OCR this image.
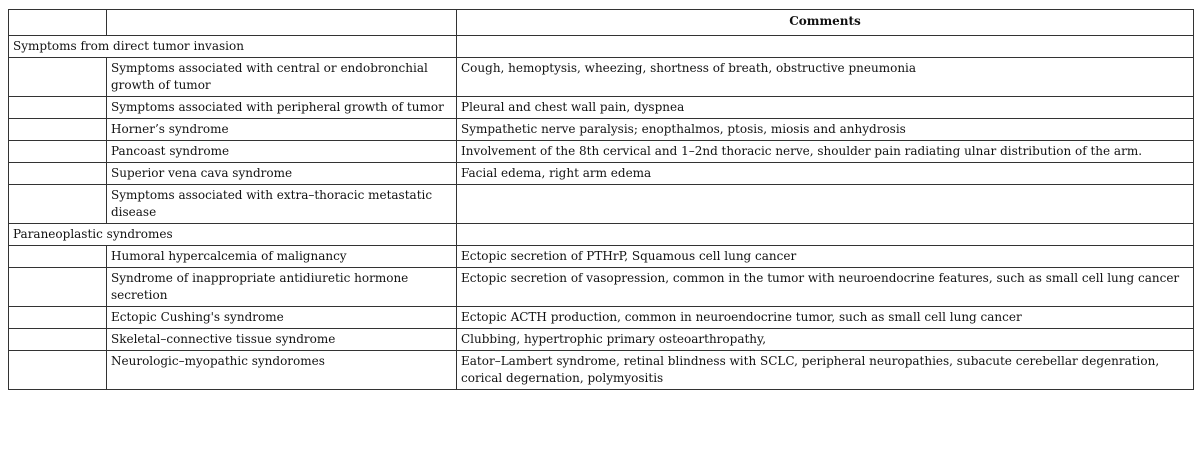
		Comments
Symptoms from direct tumor invasion		
	Symptoms associated with central or endobronchial growth of tumor	Cough, hemoptysis, wheezing, shortness of breath, obstructive pneumonia
	Symptoms associated with peripheral growth of tumor	Pleural and chest wall pain, dyspnea
	Horner’s syndrome	Sympathetic nerve paralysis; enopthalmos, ptosis, miosis and anhydrosis
	Pancoast syndrome	Involvement of the 8th cervical and 1–2nd thoracic nerve, shoulder pain radiating ulnar distribution of the arm.
	Superior vena cava syndrome	Facial edema, right arm edema
	Symptoms associated with extra–thoracic metastatic disease	
Paraneoplastic syndromes		
	Humoral hypercalcemia of malignancy	Ectopic secretion of PTHrP, Squamous cell lung cancer
	Syndrome of inappropriate antidiuretic hormone secretion	Ectopic secretion of vasopression, common in the tumor with neuroendocrine features, such as small cell lung cancer
	Ectopic Cushing's syndrome	Ectopic ACTH production, common in neuroendocrine tumor, such as small cell lung cancer
	Skeletal–connective tissue syndrome	Clubbing, hypertrophic primary osteoarthropathy,
	Neurologic–myopathic syndoromes	Eator–Lambert syndrome, retinal blindness with SCLC, peripheral neuropathies, subacute cerebellar degenration, corical degernation, polymyositis
